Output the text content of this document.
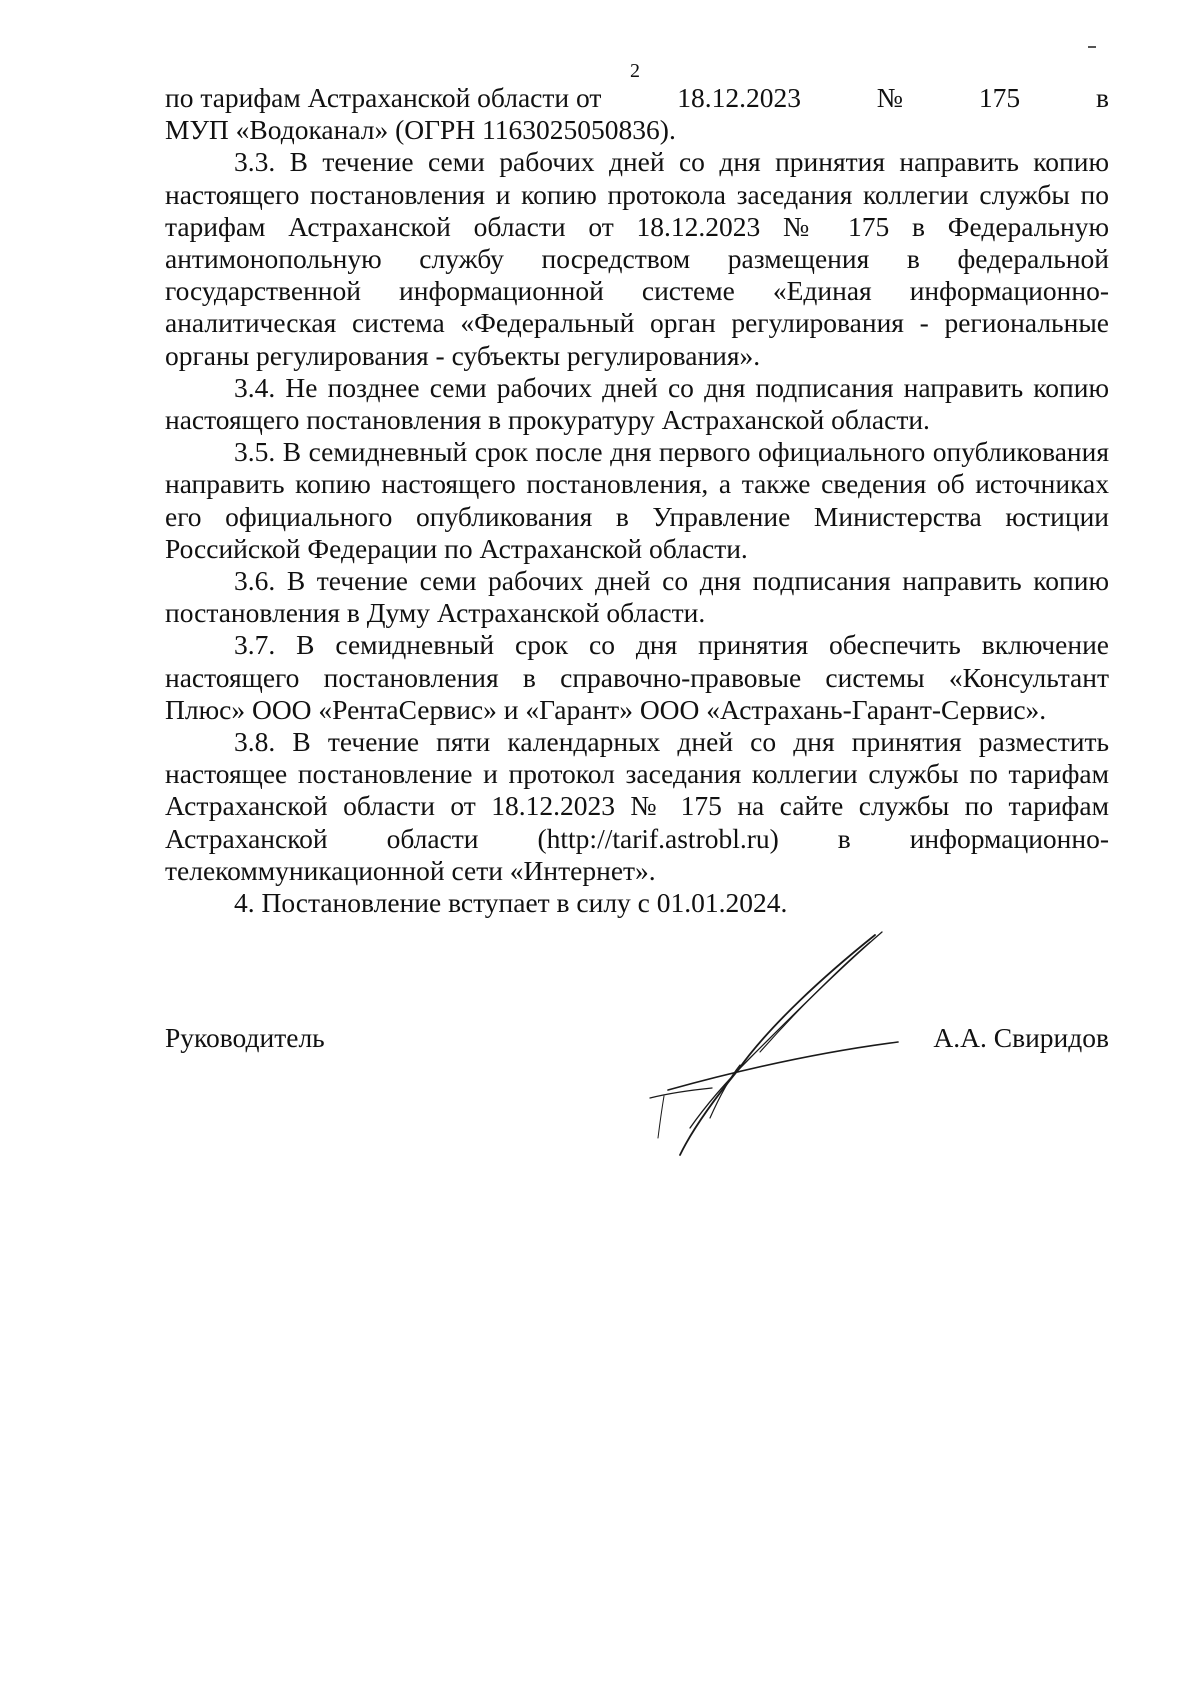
2
по тарифам Астраханской области от	18.12.2023	№	175	в

МУП «Водоканал» (ОГРН 1163025050836).

3.3. В течение семи рабочих дней со дня принятия направить копию настоящего постановления и копию протокола заседания коллегии службы по тарифам Астраханской области от 18.12.2023 № 175 в Федеральную антимонопольную службу посредством размещения в федеральной государственной информационной системе «Единая информационно-аналитическая система «Федеральный орган регулирования - региональные органы регулирования - субъекты регулирования».

3.4. Не позднее семи рабочих дней со дня подписания направить копию настоящего постановления в прокуратуру Астраханской области.

3.5. В семидневный срок после дня первого официального опубликования направить копию настоящего постановления, а также сведения об источниках его официального опубликования в Управление Министерства юстиции Российской Федерации по Астраханской области.

3.6. В течение семи рабочих дней со дня подписания направить копию постановления в Думу Астраханской области.

3.7. В семидневный срок со дня принятия обеспечить включение настоящего постановления в справочно-правовые системы «Консультант Плюс» ООО «РентаСервис» и «Гарант» ООО «Астрахань-Гарант-Сервис».

3.8. В течение пяти календарных дней со дня принятия разместить настоящее постановление и протокол заседания коллегии службы по тарифам Астраханской области от 18.12.2023 № 175 на сайте службы по тарифам Астраханской области (http://tarif.astrobl.ru) в информационно-телекоммуникационной сети «Интернет».

4. Постановление вступает в силу с 01.01.2024.

Руководитель	А.А. Свиридов
